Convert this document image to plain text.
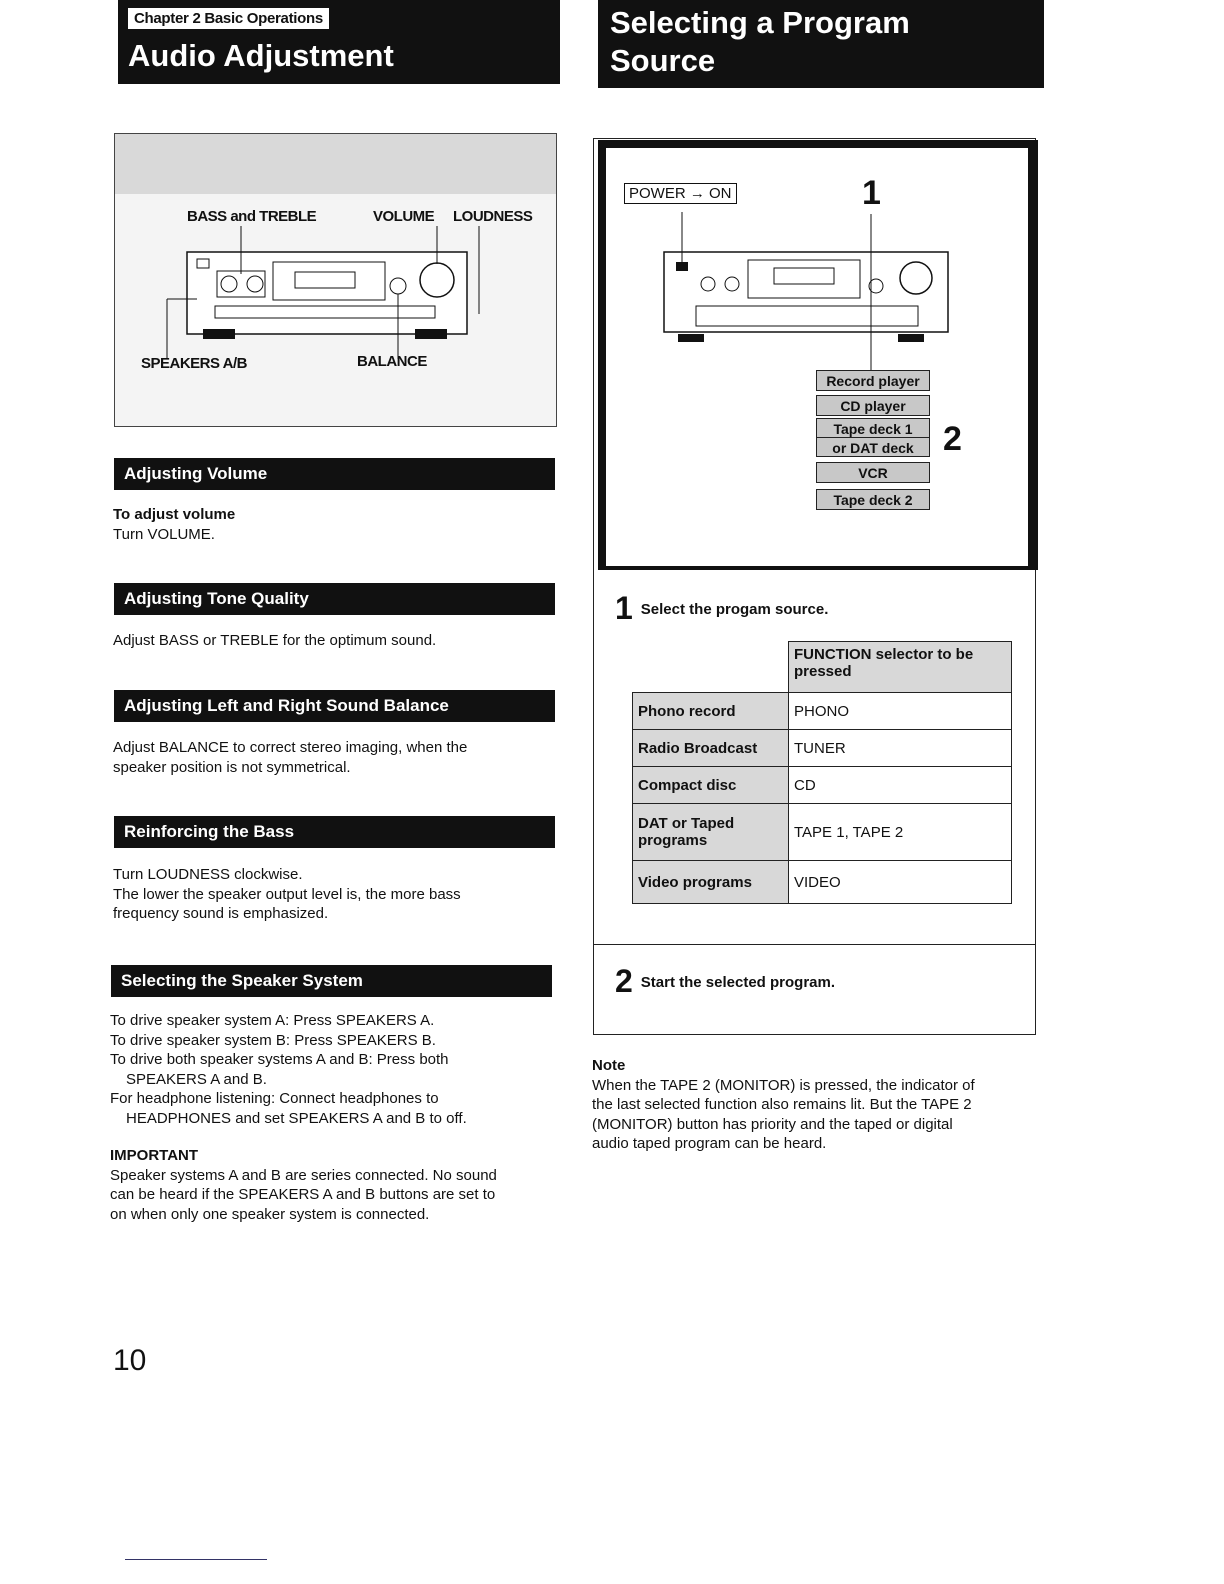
Chapter 2 Basic Operations
Audio Adjustment
Selecting a Program Source
BASS and TREBLE	VOLUME LOUDNESS
SPEAKERS A/B	BALANCE
Adjusting Volume
To adjust volume
Turn VOLUME.
Adjusting Tone Quality
Adjust BASS or TREBLE for the optimum sound.
Adjusting Left and Right Sound Balance
Adjust BALANCE to correct stereo imaging, when the
speaker position is not symmetrical.
Reinforcing the Bass
Turn LOUDNESS clockwise.
The lower the speaker output level is, the more bass
frequency sound is emphasized.
Selecting the Speaker System
To drive speaker system A: Press SPEAKERS A.
To drive speaker system B: Press SPEAKERS B.
To drive both speaker systems A and B: Press both
SPEAKERS A and B.
For headphone listening: Connect headphones to
HEADPHONES and set SPEAKERS A and B to off.
IMPORTANT
Speaker systems A and B are series connected. No sound
can be heard if the SPEAKERS A and B buttons are set to
on when only one speaker system is connected.
POWER → ON	1
2
Record player
CD player
Tape deck 1
or DAT deck
VCR
Tape deck 2
1 Select the progam source.
	FUNCTION selector to be pressed
Phono record	PHONO
Radio Broadcast	TUNER
Compact disc	CD
DAT or Taped programs	TAPE 1, TAPE 2
Video programs	VIDEO
2 Start the selected program.
Note
When the TAPE 2 (MONITOR) is pressed, the indicator of
the last selected function also remains lit. But the TAPE 2
(MONITOR) button has priority and the taped or digital
audio taped program can be heard.
10
